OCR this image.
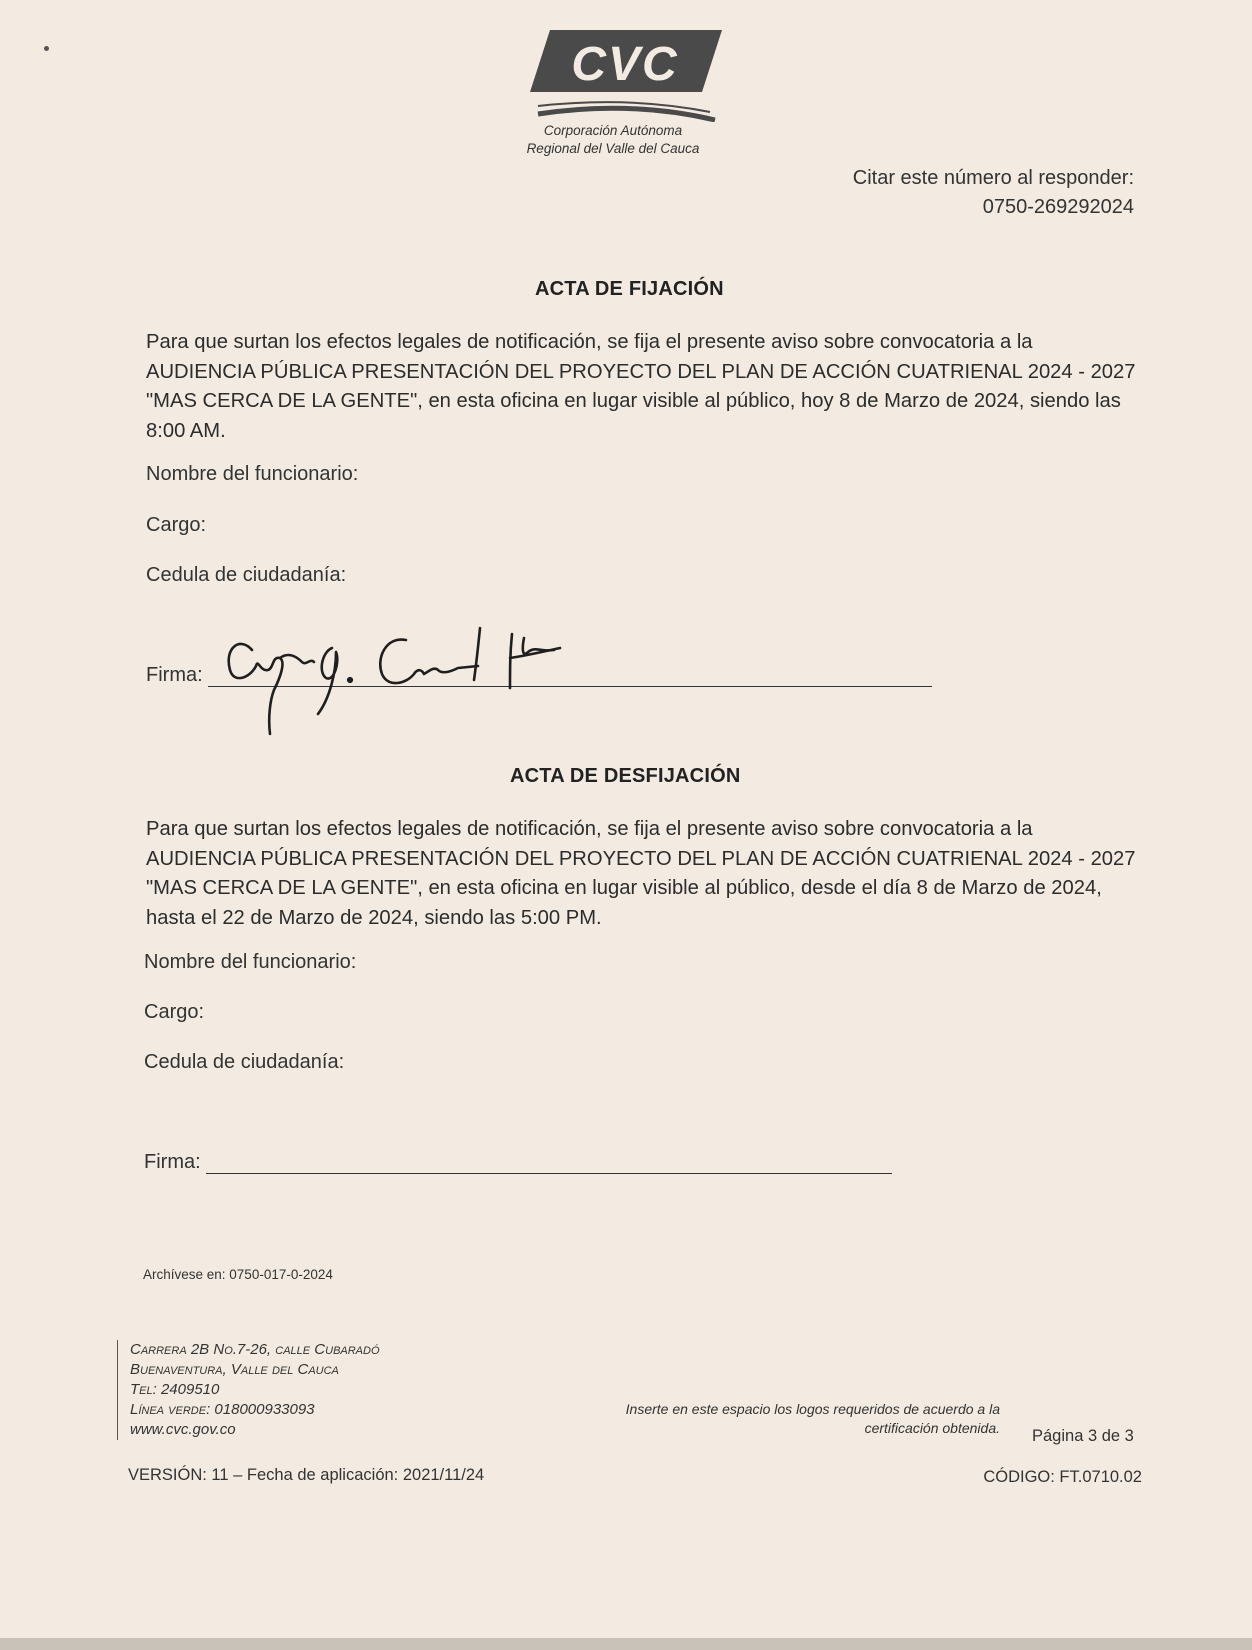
CVC
Corporación Autónoma
Regional del Valle del Cauca
Citar este número al responder:
0750-269292024
ACTA DE FIJACIÓN
Para que surtan los efectos legales de notificación, se fija el presente aviso sobre convocatoria a la AUDIENCIA PÚBLICA PRESENTACIÓN DEL PROYECTO DEL PLAN DE ACCIÓN CUATRIENAL 2024 - 2027 "MAS CERCA DE LA GENTE", en esta oficina en lugar visible al público, hoy 8 de Marzo de 2024, siendo las 8:00 AM.
Nombre del funcionario:
Cargo:
Cedula de ciudadanía:
Firma:
ACTA DE DESFIJACIÓN
Para que surtan los efectos legales de notificación, se fija el presente aviso sobre convocatoria a la AUDIENCIA PÚBLICA PRESENTACIÓN DEL PROYECTO DEL PLAN DE ACCIÓN CUATRIENAL 2024 - 2027 "MAS CERCA DE LA GENTE", en esta oficina en lugar visible al público, desde el día 8 de Marzo de 2024, hasta el 22 de Marzo de 2024, siendo las 5:00 PM.
Nombre del funcionario:
Cargo:
Cedula de ciudadanía:
Firma:
Archívese en: 0750-017-0-2024
Carrera 2B No.7-26, calle Cubaradó
Buenaventura, Valle del Cauca
Tel: 2409510
Línea verde: 018000933093
www.cvc.gov.co
Inserte en este espacio los logos requeridos de acuerdo a la
certificación obtenida. Página 3 de 3
VERSIÓN: 11 – Fecha de aplicación: 2021/11/24	CÓDIGO: FT.0710.02
